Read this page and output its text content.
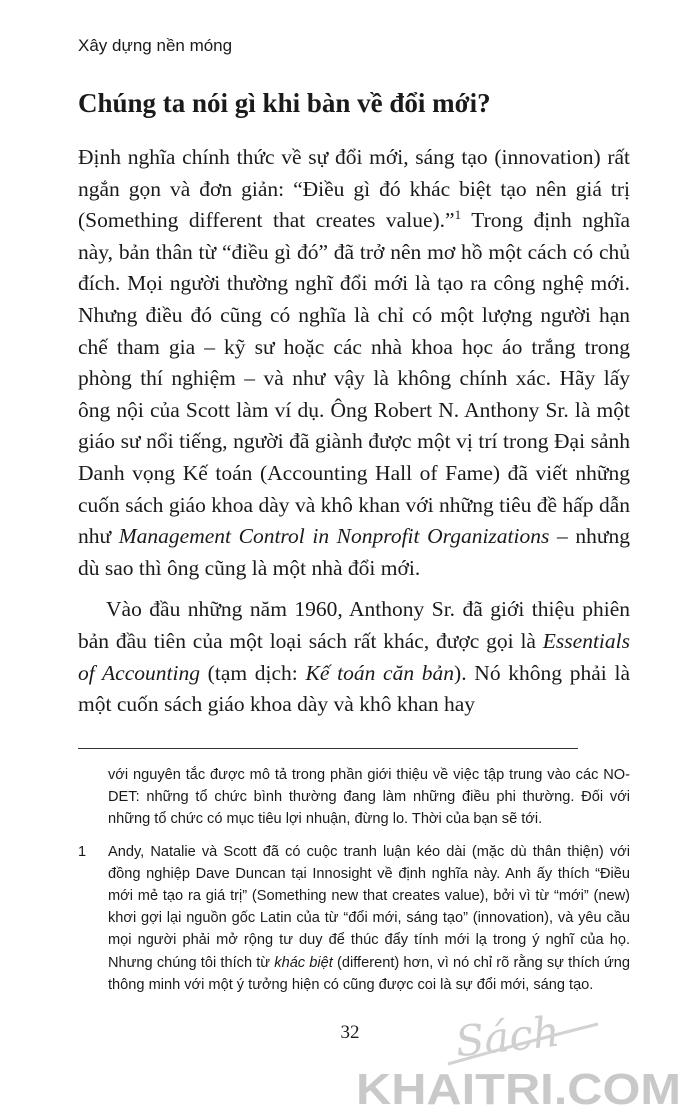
Xây dựng nền móng
Chúng ta nói gì khi bàn về đổi mới?

Định nghĩa chính thức về sự đổi mới, sáng tạo (innovation) rất ngắn gọn và đơn giản: “Điều gì đó khác biệt tạo nên giá trị (Something different that creates value).”$^1$ Trong định nghĩa này, bản thân từ “điều gì đó” đã trở nên mơ hồ một cách có chủ đích. Mọi người thường nghĩ đổi mới là tạo ra công nghệ mới. Nhưng điều đó cũng có nghĩa là chỉ có một lượng người hạn chế tham gia – kỹ sư hoặc các nhà khoa học áo trắng trong phòng thí nghiệm – và như vậy là không chính xác. Hãy lấy ông nội của Scott làm ví dụ. Ông Robert N. Anthony Sr. là một giáo sư nổi tiếng, người đã giành được một vị trí trong Đại sảnh Danh vọng Kế toán (Accounting Hall of Fame) đã viết những cuốn sách giáo khoa dày và khô khan với những tiêu đề hấp dẫn như Management Control in Nonprofit Organizations – nhưng dù sao thì ông cũng là một nhà đổi mới.

Vào đầu những năm 1960, Anthony Sr. đã giới thiệu phiên bản đầu tiên của một loại sách rất khác, được gọi là Essentials of Accounting (tạm dịch: Kế toán căn bản). Nó không phải là một cuốn sách giáo khoa dày và khô khan hay

với nguyên tắc được mô tả trong phần giới thiệu về việc tập trung vào các NO-DET: những tổ chức bình thường đang làm những điều phi thường. Đối với những tổ chức có mục tiêu lợi nhuận, đừng lo. Thời của bạn sẽ tới.

1 Andy, Natalie và Scott đã có cuộc tranh luận kéo dài (mặc dù thân thiện) với đồng nghiệp Dave Duncan tại Innosight về định nghĩa này. Anh ấy thích “Điều mới mẻ tạo ra giá trị” (Something new that creates value), bởi vì từ “mới” (new) khơi gợi lại nguồn gốc Latin của từ “đổi mới, sáng tạo” (innovation), và yêu cầu mọi người phải mở rộng tư duy để thúc đẩy tính mới lạ trong ý nghĩ của họ. Nhưng chúng tôi thích từ khác biệt (different) hơn, vì nó chỉ rõ rằng sự thích ứng thông minh với một ý tưởng hiện có cũng được coi là sự đổi mới, sáng tạo.

32	Sách
KHAITRI.COM
